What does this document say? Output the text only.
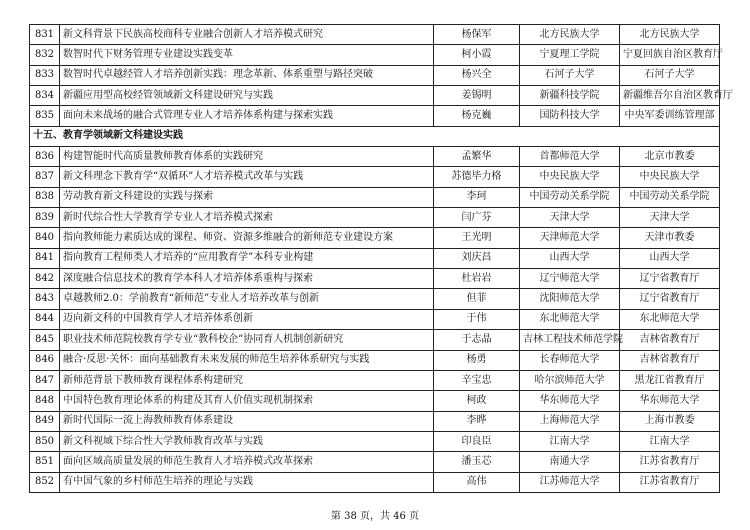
831	新文科背景下民族高校商科专业融合创新人才培养模式研究	杨保军	北方民族大学	北方民族大学
832	数智时代下财务管理专业建设实践变革	柯小霞	宁夏理工学院	宁夏回族自治区教育厅
833	数智时代卓越经管人才培养创新实践：理念革新、体系重塑与路径突破	杨兴全	石河子大学	石河子大学
834	新疆应用型高校经管领域新文科建设研究与实践	姜锡明	新疆科技学院	新疆维吾尔自治区教育厅
835	面向未来战场的融合式管理专业人才培养体系构建与探索实践	杨克巍	国防科技大学	中央军委训练管理部
十五、教育学领域新文科建设实践				
836	构建智能时代高质量教师教育体系的实践研究	孟繁华	首都师范大学	北京市教委
837	新文科理念下教育学“双循环”人才培养模式改革与实践	苏德毕力格	中央民族大学	中央民族大学
838	劳动教育新文科建设的实践与探索	李珂	中国劳动关系学院	中国劳动关系学院
839	新时代综合性大学教育学专业人才培养模式探索	闫广芬	天津大学	天津大学
840	指向教师能力素质达成的课程、师资、资源多维融合的新师范专业建设方案	王光明	天津师范大学	天津市教委
841	指向教育工程师类人才培养的“应用教育学”本科专业构建	刘庆昌	山西大学	山西大学
842	深度融合信息技术的教育学本科人才培养体系重构与探索	杜岩岩	辽宁师范大学	辽宁省教育厅
843	卓越教师2.0：学前教育“新师范”专业人才培养改革与创新	但菲	沈阳师范大学	辽宁省教育厅
844	迈向新文科的中国教育学人才培养体系创新	于伟	东北师范大学	东北师范大学
845	职业技术师范院校教育学专业“教科校企”协同育人机制创新研究	于志晶	吉林工程技术师范学院	吉林省教育厅
846	融合·反思·关怀：面向基础教育未来发展的师范生培养体系研究与实践	杨勇	长春师范大学	吉林省教育厅
847	新师范背景下教师教育课程体系构建研究	辛宝忠	哈尔滨师范大学	黑龙江省教育厅
848	中国特色教育理论体系的构建及其育人价值实现机制探索	柯政	华东师范大学	华东师范大学
849	新时代国际一流上海教师教育体系建设	李晔	上海师范大学	上海市教委
850	新文科视域下综合性大学教师教育改革与实践	印良臣	江南大学	江南大学
851	面向区域高质量发展的师范生教育人才培养模式改革探索	潘玉芯	南通大学	江苏省教育厅
852	有中国气象的乡村师范生培养的理论与实践	高伟	江苏师范大学	江苏省教育厅
第 38 页，共 46 页
